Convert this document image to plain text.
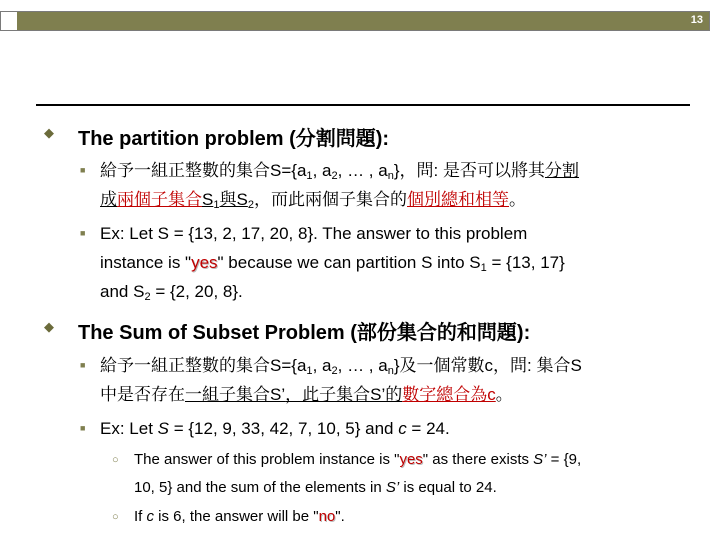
13
◆ The partition problem (分割問題):
■ 給予一組正整數的集合$S=\{a_1$, $a_2$, … , $a_n$}，問: 是否可以將其分割
成兩個子集合$S_1$與$S_2$，而此兩個子集合的個別總和相等。
■ Ex: Let S = {13, 2, 17, 20, 8}. The answer to this problem
instance is "yes" because we can partition S into $S_1 = \{13$, 17}
and $S_2 = \{2$, 20, 8}.
◆ The Sum of Subset Problem (部份集合的和問題):
■ 給予一組正整數的集合$S=\{a_1$, $a_2$, … , $a_n$}及一個常數c，問: 集合S
中是否存在一組子集合S’，此子集合S’的數字總合為c。
■ Ex: Let S = {12, 9, 33, 42, 7, 10, 5} and c = 24.
○ The answer of this problem instance is "yes" as there exists S’ = {9,
10, 5} and the sum of the elements in S’ is equal to 24.
○ If c is 6, the answer will be "no".
